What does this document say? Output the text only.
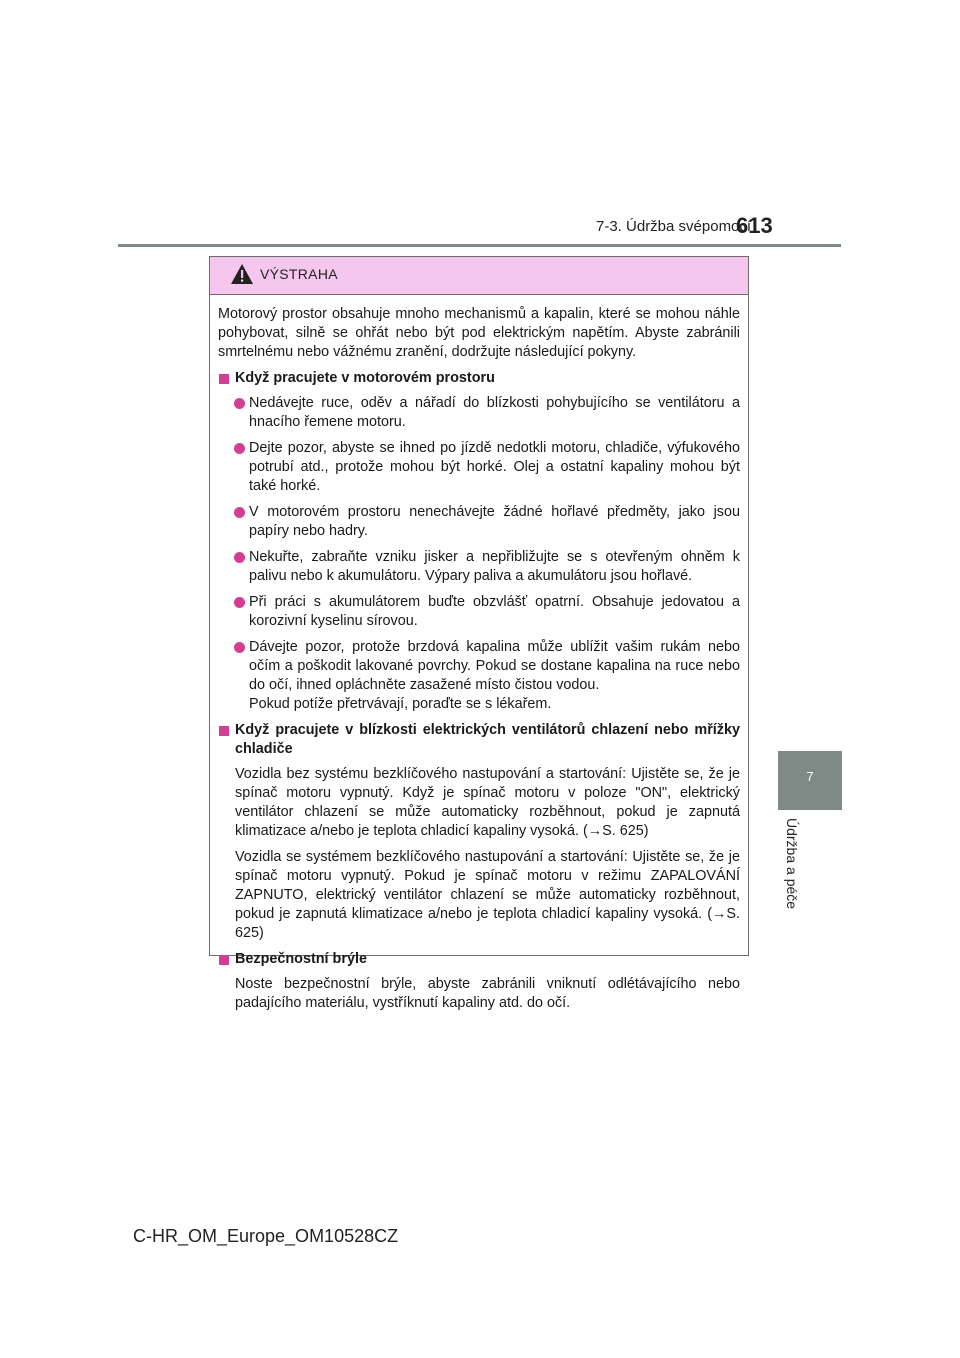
7-3. Údržba svépomocí
613
7
Údržba a péče
VÝSTRAHA

Motorový prostor obsahuje mnoho mechanismů a kapalin, které se mohou náhle pohybovat, silně se ohřát nebo být pod elektrickým napětím. Abyste zabránili smrtelnému nebo vážnému zranění, dodržujte následující pokyny.

Když pracujete v motorovém prostoru
Nedávejte ruce, oděv a nářadí do blízkosti pohybujícího se ventilátoru a hnacího řemene motoru.
Dejte pozor, abyste se ihned po jízdě nedotkli motoru, chladiče, výfukového potrubí atd., protože mohou být horké. Olej a ostatní kapaliny mohou být také horké.
V motorovém prostoru nenechávejte žádné hořlavé předměty, jako jsou papíry nebo hadry.
Nekuřte, zabraňte vzniku jisker a nepřibližujte se s otevřeným ohněm k palivu nebo k akumulátoru. Výpary paliva a akumulátoru jsou hořlavé.
Při práci s akumulátorem buďte obzvlášť opatrní. Obsahuje jedovatou a korozivní kyselinu sírovou.
Dávejte pozor, protože brzdová kapalina může ublížit vašim rukám nebo očím a poškodit lakované povrchy. Pokud se dostane kapalina na ruce nebo do očí, ihned opláchněte zasažené místo čistou vodou.
Pokud potíže přetrvávají, poraďte se s lékařem.
Když pracujete v blízkosti elektrických ventilátorů chlazení nebo mřížky chladiče

Vozidla bez systému bezklíčového nastupování a startování: Ujistěte se, že je spínač motoru vypnutý. Když je spínač motoru v poloze "ON", elektrický ventilátor chlazení se může automaticky rozběhnout, pokud je zapnutá klimatizace a/nebo je teplota chladicí kapaliny vysoká. (→S. 625)

Vozidla se systémem bezklíčového nastupování a startování: Ujistěte se, že je spínač motoru vypnutý. Pokud je spínač motoru v režimu ZAPALOVÁNÍ ZAPNUTO, elektrický ventilátor chlazení se může automaticky rozběhnout, pokud je zapnutá klimatizace a/nebo je teplota chladicí kapaliny vysoká. (→S. 625)

Bezpečnostní brýle

Noste bezpečnostní brýle, abyste zabránili vniknutí odlétávajícího nebo padajícího materiálu, vystříknutí kapaliny atd. do očí.

C-HR_OM_Europe_OM10528CZ
